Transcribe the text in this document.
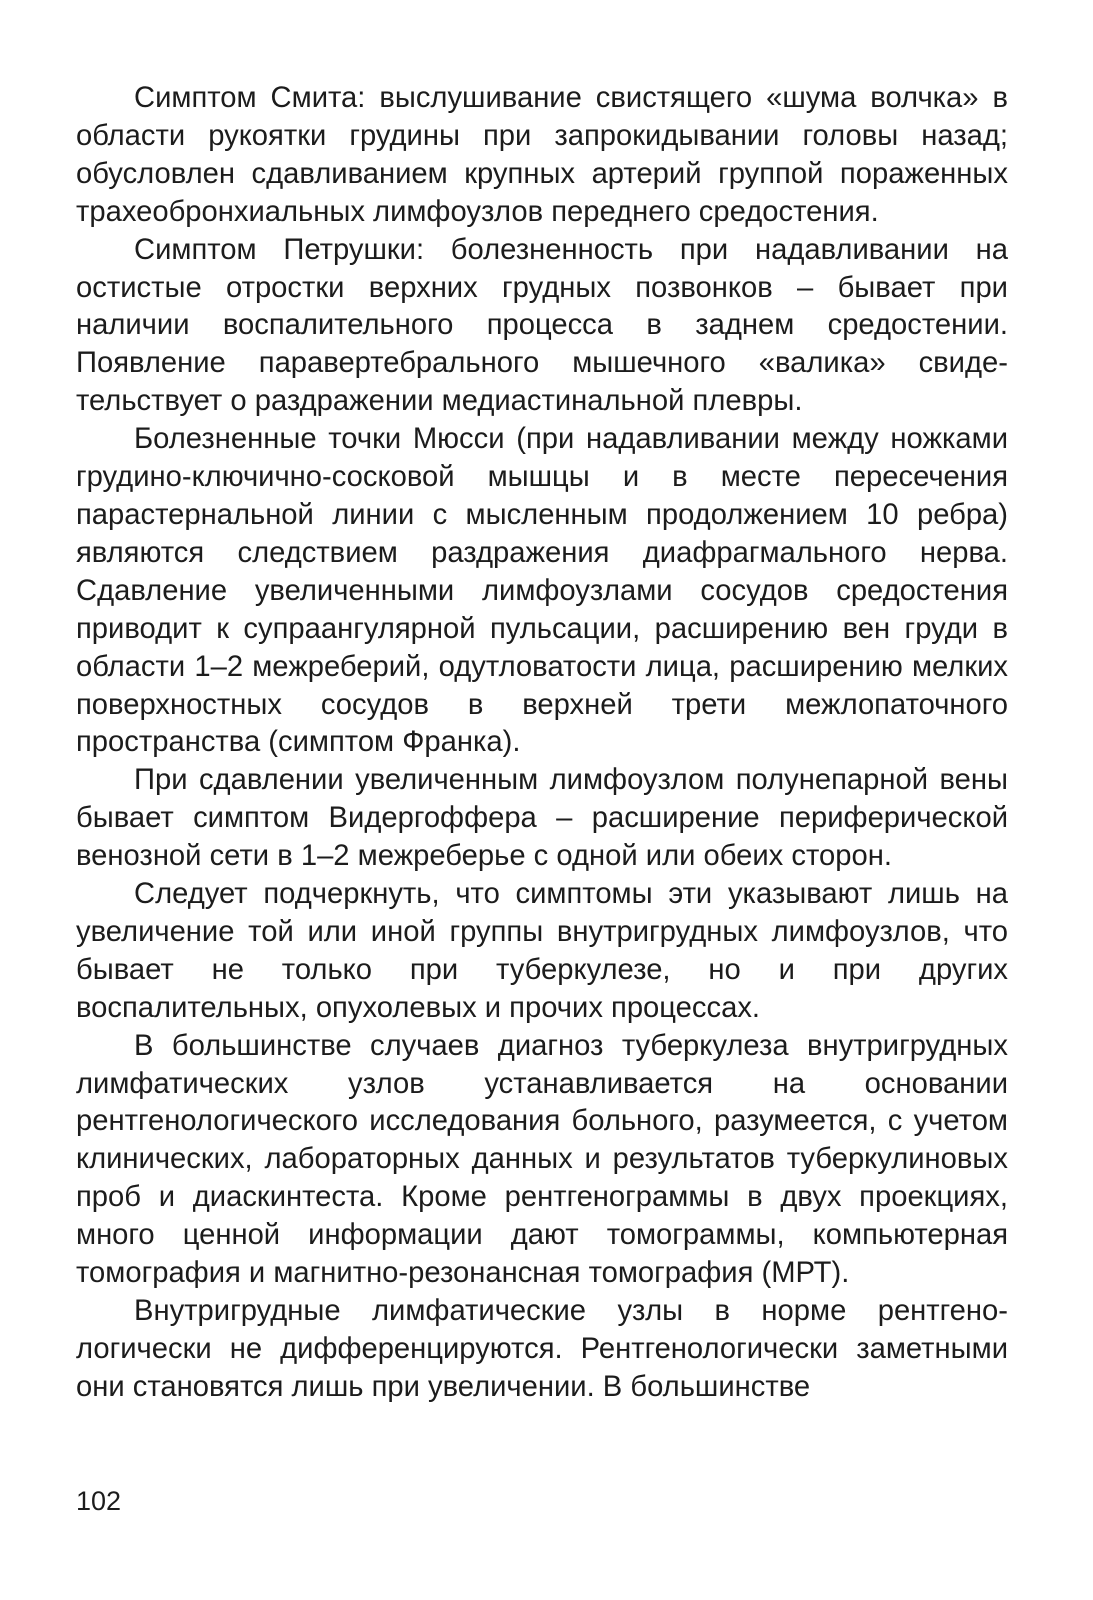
Симптом Смита: выслушивание свистящего «шума волчка» в области рукоятки грудины при запрокидывании головы назад; обусловлен сдавливанием крупных артерий группой пораженных трахеобронхиальных лимфоузлов переднего средостения.

Симптом Петрушки: болезненность при надавливании на остистые отростки верхних грудных позвонков – бывает при наличии воспалительного процесса в заднем средостении. Появление паравертебрального мышечного «валика» свидетельствует о раздражении медиастинальной плевры.

Болезненные точки Мюсси (при надавливании между ножками грудино-ключично-сосковой мышцы и в месте пересечения парастернальной линии с мысленным продолжением 10 ребра) являются следствием раздражения диафрагмального нерва. Сдавление увеличенными лимфоузлами сосудов средостения приводит к супраангулярной пульсации, расширению вен груди в области 1–2 межреберий, одутловатости лица, расширению мелких поверхностных сосудов в верхней трети межлопаточного пространства (симптом Франка).

При сдавлении увеличенным лимфоузлом полунепарной вены бывает симптом Видергоффера – расширение периферической венозной сети в 1–2 межреберье с одной или обеих сторон.

Следует подчеркнуть, что симптомы эти указывают лишь на увеличение той или иной группы внутригрудных лимфоузлов, что бывает не только при туберкулезе, но и при других воспалительных, опухолевых и прочих процессах.

В большинстве случаев диагноз туберкулеза внутригрудных лимфатических узлов устанавливается на основании рентгенологического исследования больного, разумеется, с учетом клинических, лабораторных данных и результатов туберкулиновых проб и диаскинтеста. Кроме рентгенограммы в двух проекциях, много ценной информации дают томограммы, компьютерная томография и магнитно-резонансная томография (МРТ).

Внутригрудные лимфатические узлы в норме рентгенологически не дифференцируются. Рентгенологически заметными они становятся лишь при увеличении. В большинстве

102
